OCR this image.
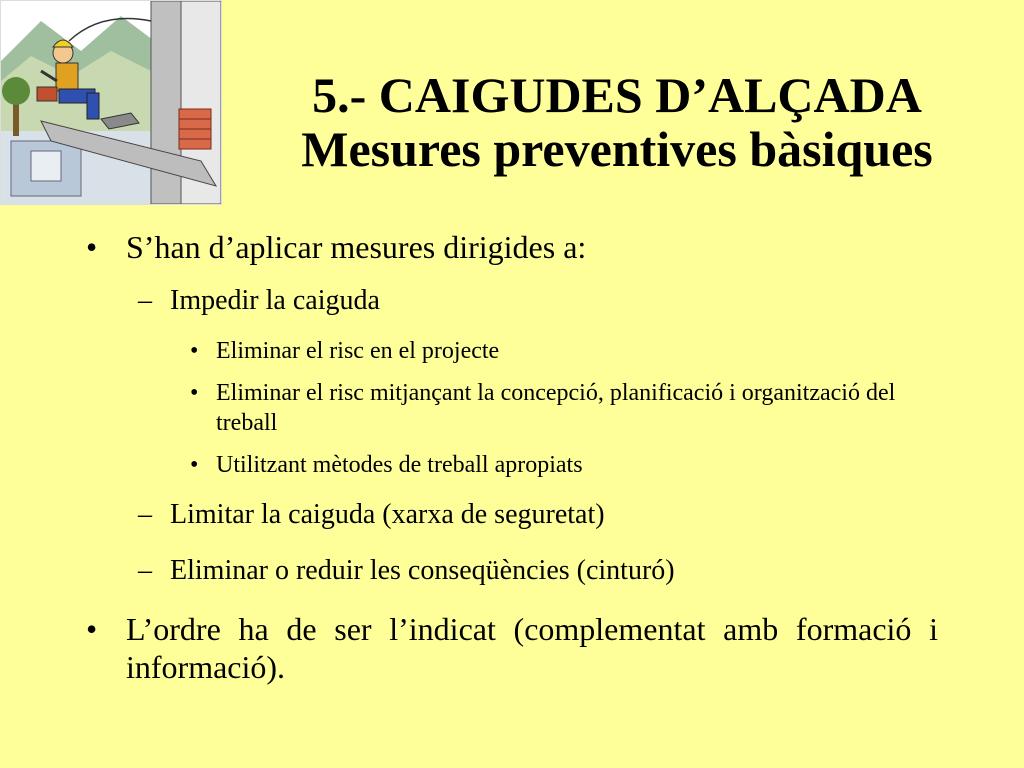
5.- CAIGUDES D’ALÇADA
Mesures preventives bàsiques
• S’han d’aplicar mesures dirigides a:
– Impedir la caiguda
• Eliminar el risc en el projecte
• Eliminar el risc mitjançant la concepció, planificació i organització del treball
• Utilitzant mètodes de treball apropiats
– Limitar la caiguda (xarxa de seguretat)
– Eliminar o reduir les conseqüències (cinturó)
• L’ordre ha de ser l’indicat (complementat amb formació i informació).
